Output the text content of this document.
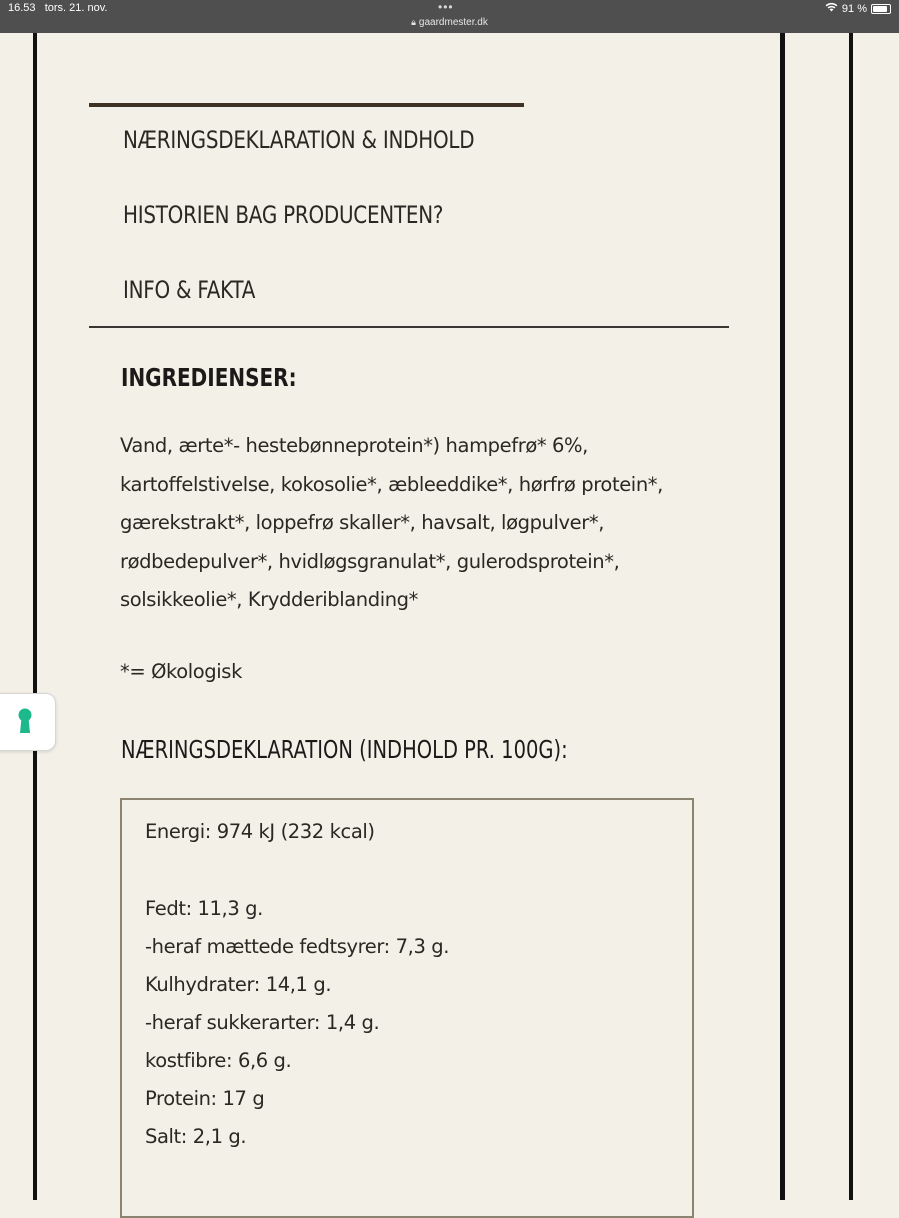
16.53 tors. 21. nov.	•••
🔒︎ gaardmester.dk
91 %
NÆRINGSDEKLARATION & INDHOLD
HISTORIEN BAG PRODUCENTEN?
INFO & FAKTA
INGREDIENSER:
Vand, ærte*- hestebønneprotein*) hampefrø* 6%,
kartoffelstivelse, kokosolie*, æbleeddike*, hørfrø protein*,
gærekstrakt*, loppefrø skaller*, havsalt, løgpulver*,
rødbedepulver*, hvidløgsgranulat*, gulerodsprotein*,
solsikkeolie*, Krydderiblanding*
*= Økologisk
NÆRINGSDEKLARATION (INDHOLD PR. 100G):
Energi: 974 kJ (232 kcal)
Fedt: 11,3 g.
-heraf mættede fedtsyrer: 7,3 g.
Kulhydrater: 14,1 g.
-heraf sukkerarter: 1,4 g.
kostfibre: 6,6 g.
Protein: 17 g
Salt: 2,1 g.
